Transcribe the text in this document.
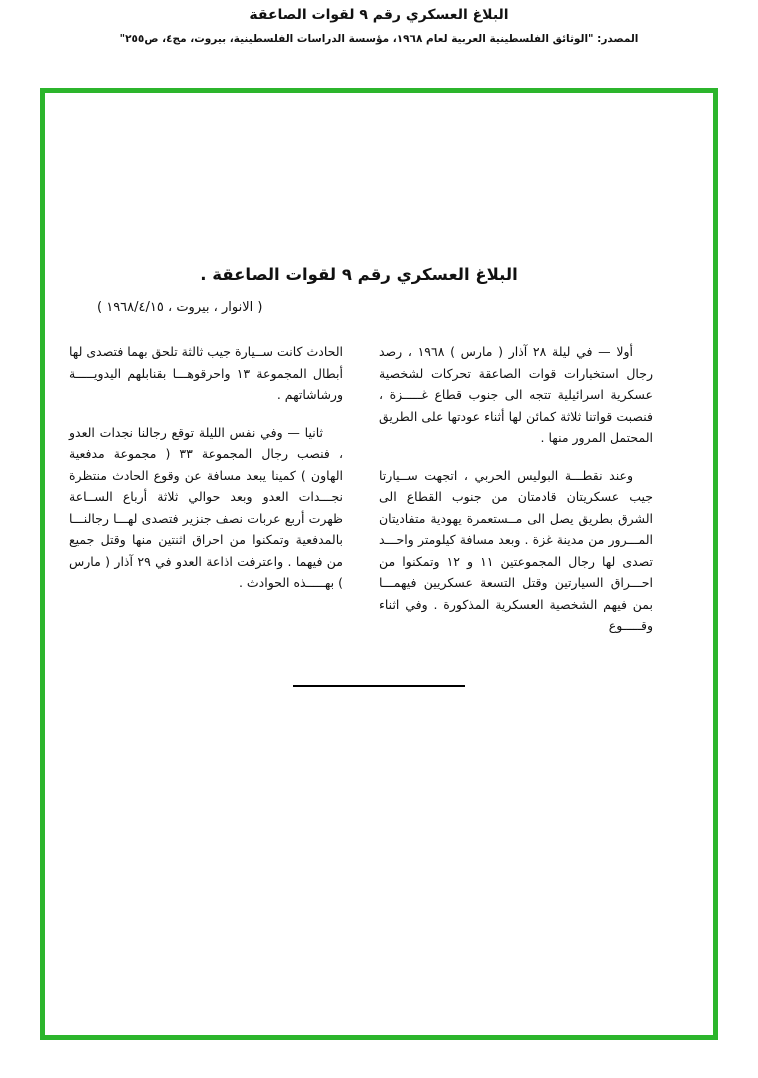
البلاغ العسكري رقم ٩ لقوات الصاعقة
المصدر: "الوثائق الفلسطينية العربية لعام ١٩٦٨، مؤسسة الدراسات الفلسطينية، بيروت، مج٤، ص٢٥٥"
البلاغ العسكري رقم ٩ لقوات الصاعقة .
( الانوار ، بيروت ، ١٩٦٨/٤/١٥ )

أولا — في ليلة ٢٨ آذار ( مارس ) ١٩٦٨ ، رصد رجال استخبارات قوات الصاعقة تحركات لشخصية عسكرية اسرائيلية تتجه الى جنوب قطاع غـــــزة ، فنصبت قواتنا ثلاثة كمائن لها أثناء عودتها على الطريق المحتمل المرور منها .

وعند نقطـــة البوليس الحربي ، اتجهت ســيارتا جيب عسكريتان قادمتان من جنوب القطاع الى الشرق بطريق يصل الى مــستعمرة يهودية متفاديتان المـــرور من مدينة غزة . وبعد مسافة كيلومتر واحـــد تصدى لها رجال المجموعتين ١١ و ١٢ وتمكنوا من احـــراق السيارتين وقتل التسعة عسكريين فيهمـــا بمن فيهم الشخصية العسكرية المذكورة . وفي اثناء وقـــــوع

الحادث كانت ســيارة جيب ثالثة تلحق بهما فتصدى لها أبطال المجموعة ١٣ واحرقوهـــا بقنابلهم اليدويـــــة ورشاشاتهم .

ثانيا — وفي نفس الليلة توقع رجالنا نجدات العدو ، فنصب رجال المجموعة ٣٣ ( مجموعة مدفعية الهاون ) كمينا يبعد مسافة عن وقوع الحادث منتظرة نجـــدات العدو وبعد حوالي ثلاثة أرباع الســاعة ظهرت أربع عربات نصف جنزير فتصدى لهـــا رجالنـــا بالمدفعية وتمكنوا من احراق اثنتين منها وقتل جميع من فيهما . واعترفت اذاعة العدو في ٢٩ آذار ( مارس ) بهـــــذه الحوادث .
